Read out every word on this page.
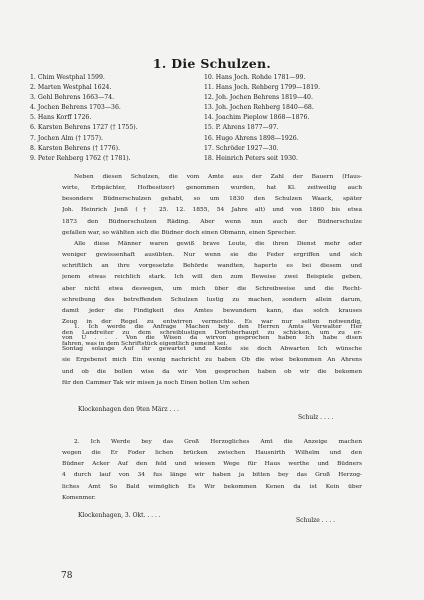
1. Die Schulzen.
1. Chim Westphal 1599.
2. Marten Westphal 1624.
3. Gehl Behrens 1663—74.
4. Jochen Behrens 1703—36.
5. Hans Korff 1726.
6. Karsten Behrens 1727 († 1755).
7. Jochen Alm († 1757).
8. Karsten Behrens († 1776).
9. Peter Rehberg 1762 († 1781).
10. Hans Joch. Rohde 1781—99.
11. Hans Joch. Rehberg 1799—1819.
12. Joh. Jochen Behrens 1819—40.
13. Joh. Jochen Rehberg 1840—68.
14. Joachim Pieplow 1868—1876.
15. P. Ahrens 1877—97.
16. Hugo Ahrens 1898—1926.
17. Schröder 1927—30.
18. Heinrich Peters seit 1930.
Neben diesen Schulzen, die vom Amte aus der Zahl der Bauern (Haus-
wirte, Erbpächter, Hofbesitzer) genommen wurden, hat Kl. zeitweilig auch
besondere Büdnerschulzen gehabt, so um 1830 den Schulzen Waack, später
Joh. Heinrich Jenß († 25. 12. 1855, 54 Jahre alt) und von 1860 bis etwa
1873 den Büdnerschulzen Räding. Aber wenn nun auch der Büdnerschulze
gefallen war, so wählten sich die Büdner doch einen Obmann, einen Sprecher.
Alle diese Männer waren gewiß brave Leute, die ihren Dienst mehr oder
weniger gewissenhaft ausübten. Nur wenn sie die Feder ergriffen und sich
schriftlich an ihre vorgesetzte Behörde wandten, haperte es bei diesem und
jenem etwas reichlich stark. Ich will den zum Beweise zwei Beispiele geben,
aber nicht etwa deswegen, um mich über die Schreibweise und die Recht-
schreibung des betreffenden Schulzen lustig zu machen, sondern allein darum,
damit jeder die Findigkeit des Amtes bewundern kann, das solch krauses
Zeug in der Regel zu entwirren vermochte. Es war nur selten notwendig,
den Landreiter zu dem schreiblustigen Dorfoberhaupt zu schicken, um zu er-
fahren, was in dem Schriftstück eigentlich gemeint sei.
1. Ich werde die Anfrage Machen bey den Herren Amts Verwalter Her
von U . . . Von die Wisen da wirvon gesprochen haben Ich habe disen
Sontag solange Auf ihr gewartet und Konte sie doch Abwarten Ich wünsche
sie Ergebenst mich Ein wenig nachricht zu haben Ob die wise bekommen An Ahrens
und ob die bollen wise da wir Von gesprochen haben ob wir die bekomen
für den Cammer Tak wir misen ja noch Einen bollen Um sehen
Klockenhagen den 9ten März . . .
Schulz . . . .
2. Ich Werde bey das Groß Herzogliches Amt die Anzeige machen
wegen die Er Foder lichen brücken zwischen Hausnirth Wilhelm und den
Büdner Acker Auf den feld und wiesen Wege für Haus werthe und Büdners
4 durch lauf von 34 fus länge wir haben ja bitten bey das Groß Herzog-
liches Amt So Bald wimöglich Es Wir bekommen Kenen da ist Kein über
Komenmer.
Klockenhagen, 3. Okt. . . . .
Schulze . . . .
78
